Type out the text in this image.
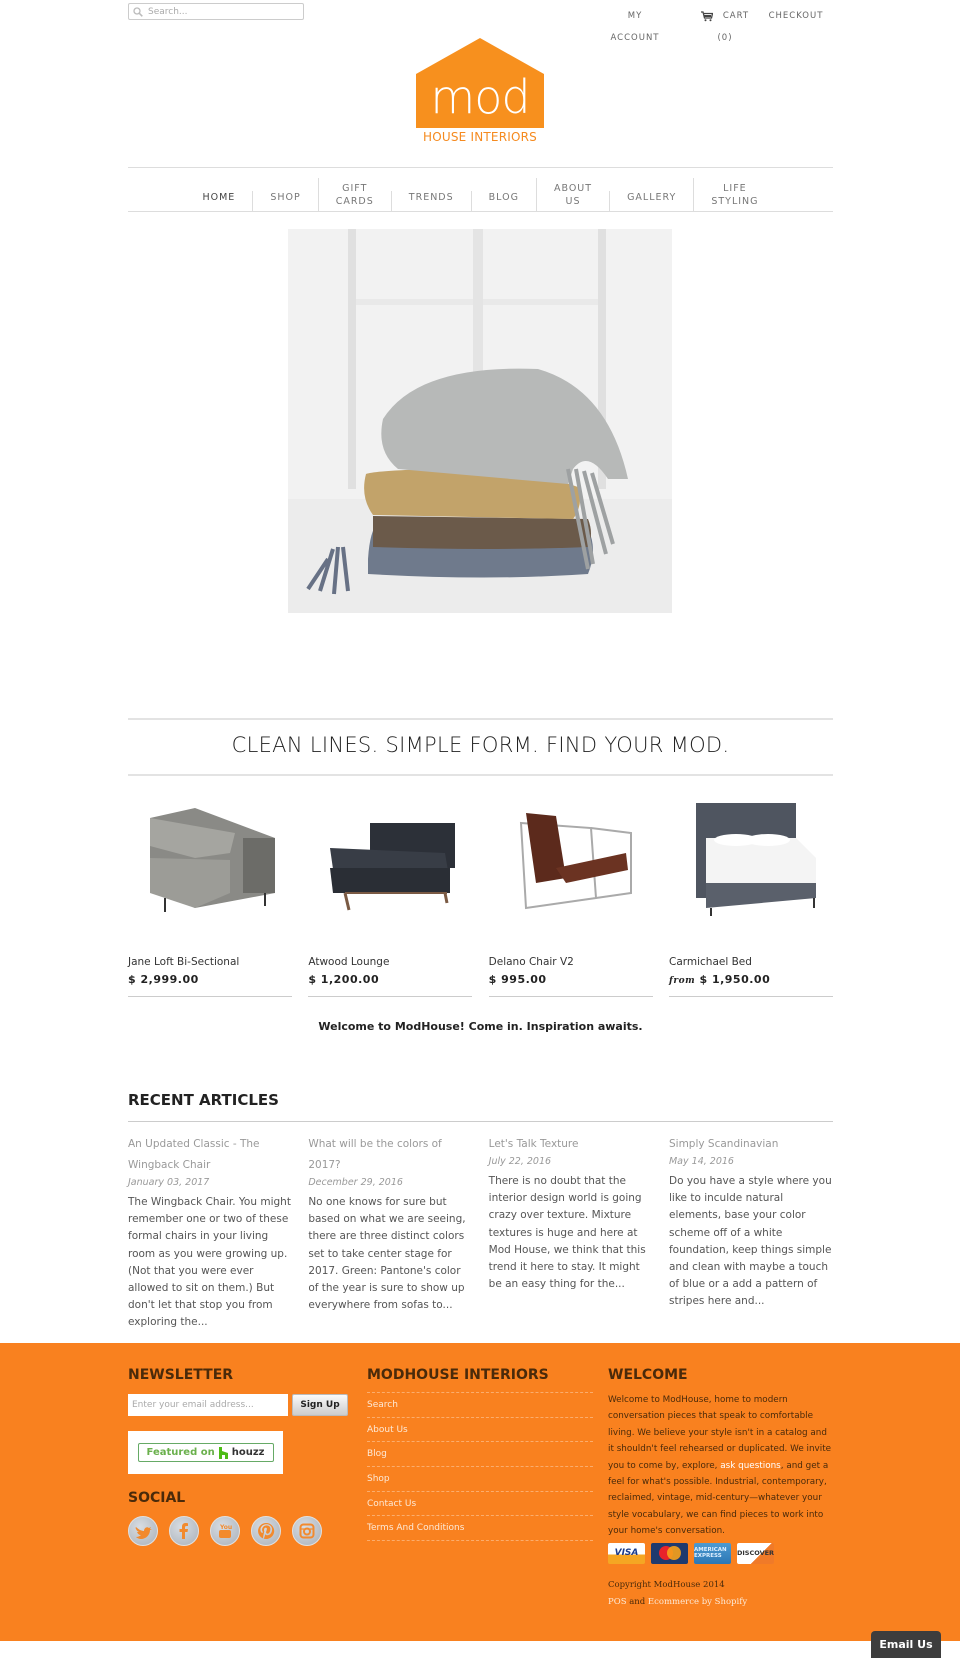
Search...
MY
ACCOUNT
CART
(0)
CHECKOUT
mod
HOUSE INTERIORS
HOME	SHOP
GIFT
CARDS	TRENDS	BLOG
ABOUT
US	GALLERY
LIFE
STYLING
CLEAN LINES. SIMPLE FORM. FIND YOUR MOD.
Jane Loft Bi-Sectional
$ 2,999.00
Atwood Lounge
$ 1,200.00
Delano Chair V2
$ 995.00
Carmichael Bed
from $ 1,950.00

Welcome to ModHouse! Come in. Inspiration awaits.

RECENT ARTICLES
An Updated Classic - The Wingback Chair
January 03, 2017
The Wingback Chair. You might remember one or two of these formal chairs in your living room as you were growing up. (Not that you were ever allowed to sit on them.) But don't let that stop you from exploring the...
What will be the colors of 2017?
December 29, 2016
No one knows for sure but based on what we are seeing, there are three distinct colors set to take center stage for 2017. Green: Pantone's color of the year is sure to show up everywhere from sofas to...
Let's Talk Texture
July 22, 2016
There is no doubt that the interior design world is going crazy over texture. Mixture textures is huge and here at Mod House, we think that this trend it here to stay. It might be an easy thing for the...
Simply Scandinavian
May 14, 2016
Do you have a style where you like to inculde natural elements, base your color scheme off of a white foundation, keep things simple and clean with maybe a touch of blue or a add a pattern of stripes here and...
NEWSLETTER
Enter your email address...
Sign Up
Featured on houzz
SOCIAL
You
MODHOUSE INTERIORS
Search
About Us
Blog
Shop
Contact Us
Terms And Conditions
WELCOME

Welcome to ModHouse, home to modern conversation pieces that speak to comfortable living. We believe your style isn't in a catalog and it shouldn't feel rehearsed or duplicated. We invite you to come by, explore, ask questions, and get a feel for what's possible. Industrial, contemporary, reclaimed, vintage, mid-century—whatever your style vocabulary, we can find pieces to work into your home's conversation.

VISA	AMERICAN EXPRESS	DISCOVER
Copyright ModHouse 2014
POS and Ecommerce by Shopify
Email Us
